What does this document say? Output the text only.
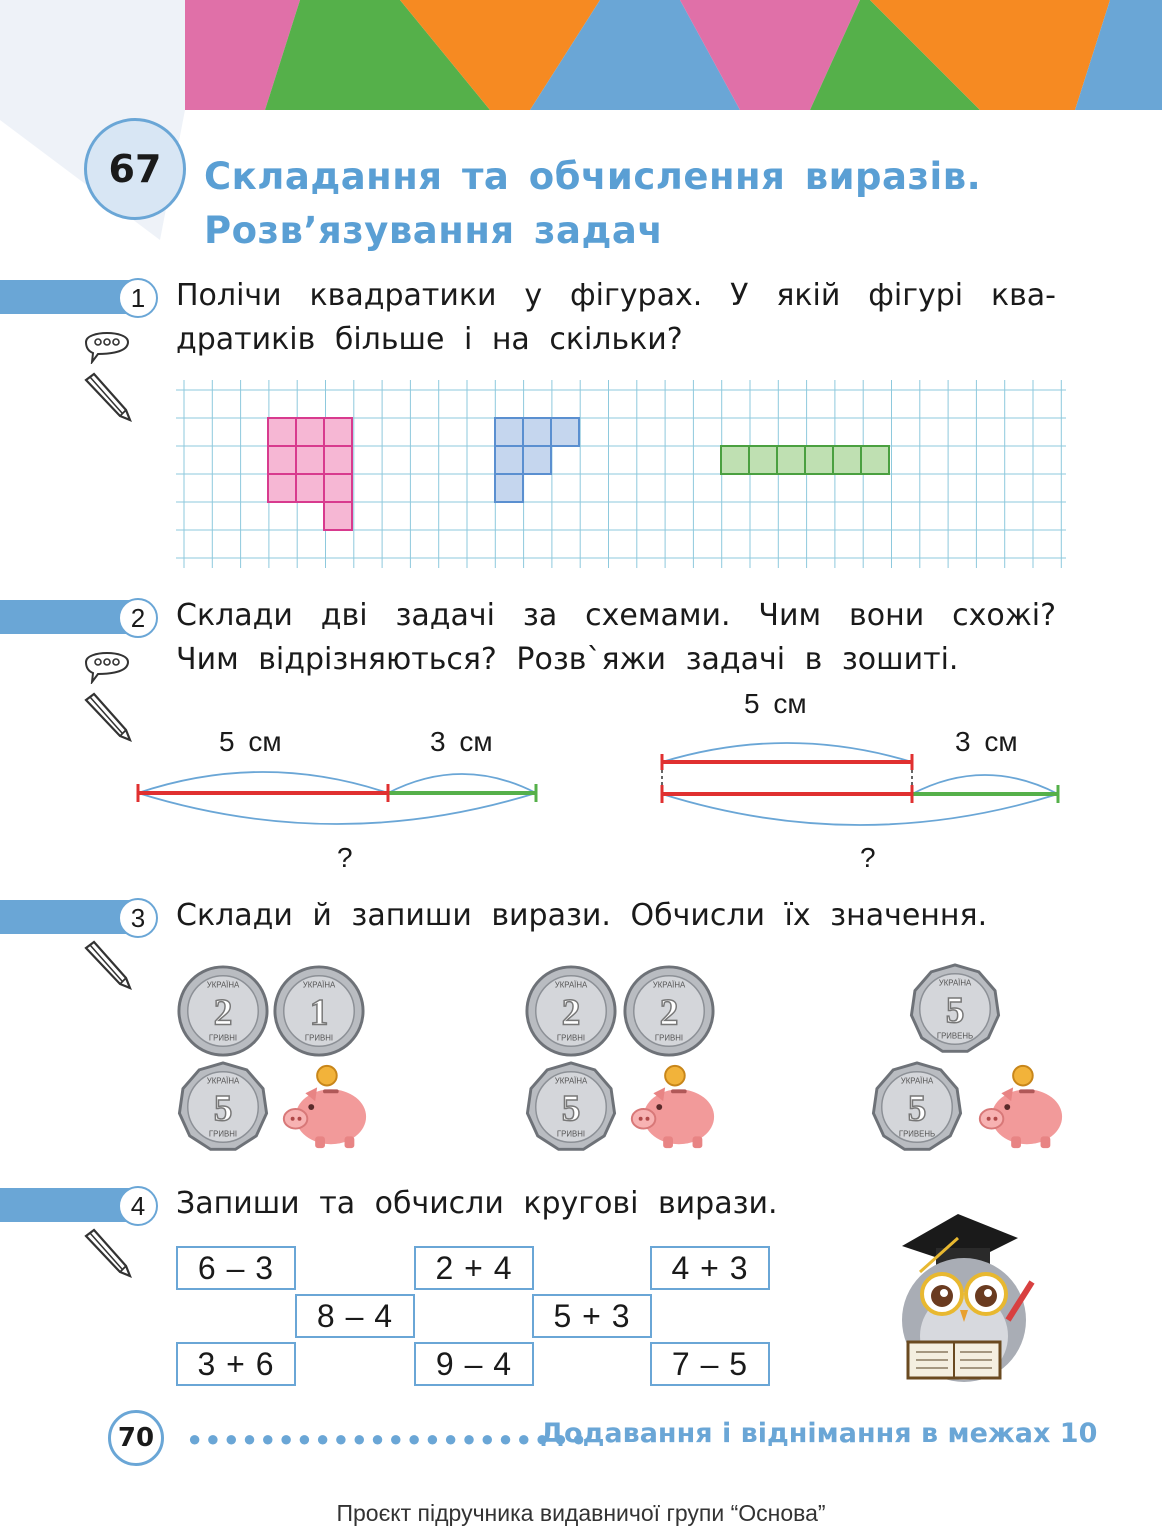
67	Складання та обчислення виразів.
Розв’язування задач
1	Полічи квадратики у фігурах. У якій фігурі квадратиків більше і на скільки?
2	Склади дві задачі за схемами. Чим вони схожі? Чим відрізняються? Розв`яжи задачі в зошиті.
5 см	3 см
?
5 см
3 см
?
3	Склади й запиши вирази. Обчисли їх значення.
УКРАЇНА
2
ГРИВНІ
УКРАЇНА
1
ГРИВНІ
УКРАЇНА
5
ГРИВНІ
УКРАЇНА
2
ГРИВНІ
УКРАЇНА
2
ГРИВНІ
УКРАЇНА
5
ГРИВНІ
УКРАЇНА
5
ГРИВЕНЬ
УКРАЇНА
5
ГРИВЕНЬ
4	Запиши та обчисли кругові вирази.
6 – 3	2 + 4	4 + 3
8 – 4	5 + 3
3 + 6	9 – 4	7 – 5
70	●●●●●●●●●●●●●●●●●●●●●●
Додавання і віднімання в межах 10
Проєкт підручника видавничої групи “Основа”
